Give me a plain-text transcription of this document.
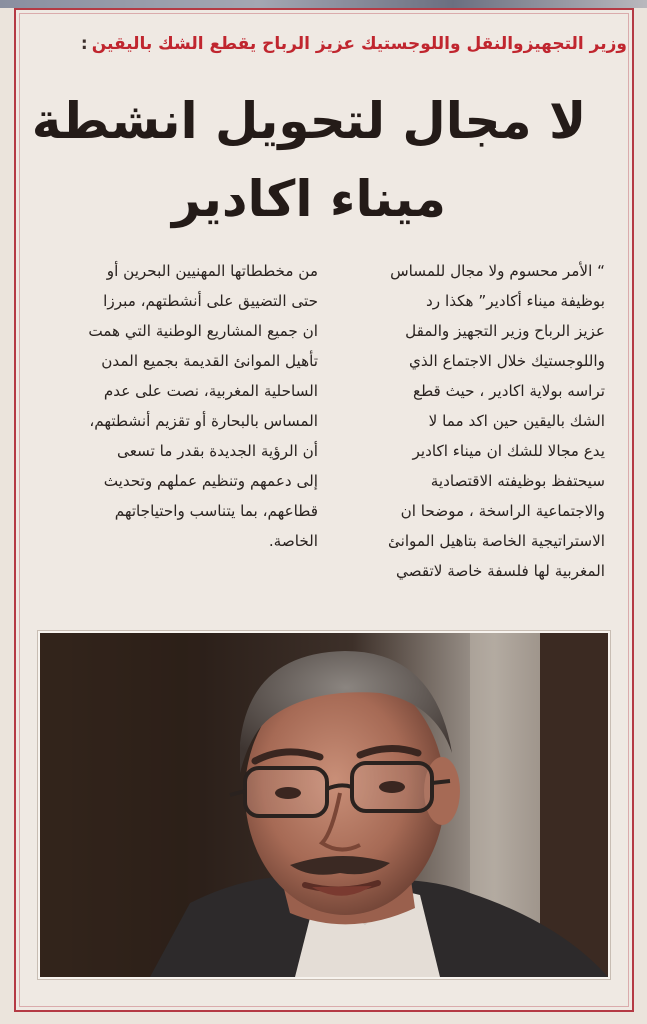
وزير التجهيزوالنقل واللوجستيك عزيز الرباح يقطع الشك باليقين:
لا مجال لتحويل انشطة
ميناء اكادير
“ الأمر محسوم ولا مجال للمساس
بوظيفة ميناء أكادير” هكذا رد
عزيز الرباح وزير التجهيز والمقل
واللوجستيك خلال الاجتماع الذي
تراسه بولاية اكادير ، حيث قطع
الشك باليقين حين اكد مما لا
يدع مجالا للشك ان ميناء اكادير
سيحتفظ بوظيفته الاقتصادية
والاجتماعية الراسخة ، موضحا ان
الاستراتيجية الخاصة بتاهيل الموانئ
المغربية لها فلسفة خاصة لاتقصي
من مخططاتها المهنيين البحرين أو
حتى التضييق على أنشطتهم، مبرزا
ان جميع المشاريع الوطنية التي همت
تأهيل الموانئ القديمة بجميع المدن
الساحلية المغربية، نصت على عدم
المساس بالبحارة أو تقزيم أنشطتهم،
أن الرؤية الجديدة بقدر ما تسعى
إلى دعمهم وتنظيم عملهم وتحديث
قطاعهم، بما يتناسب واحتياجاتهم
الخاصة.
